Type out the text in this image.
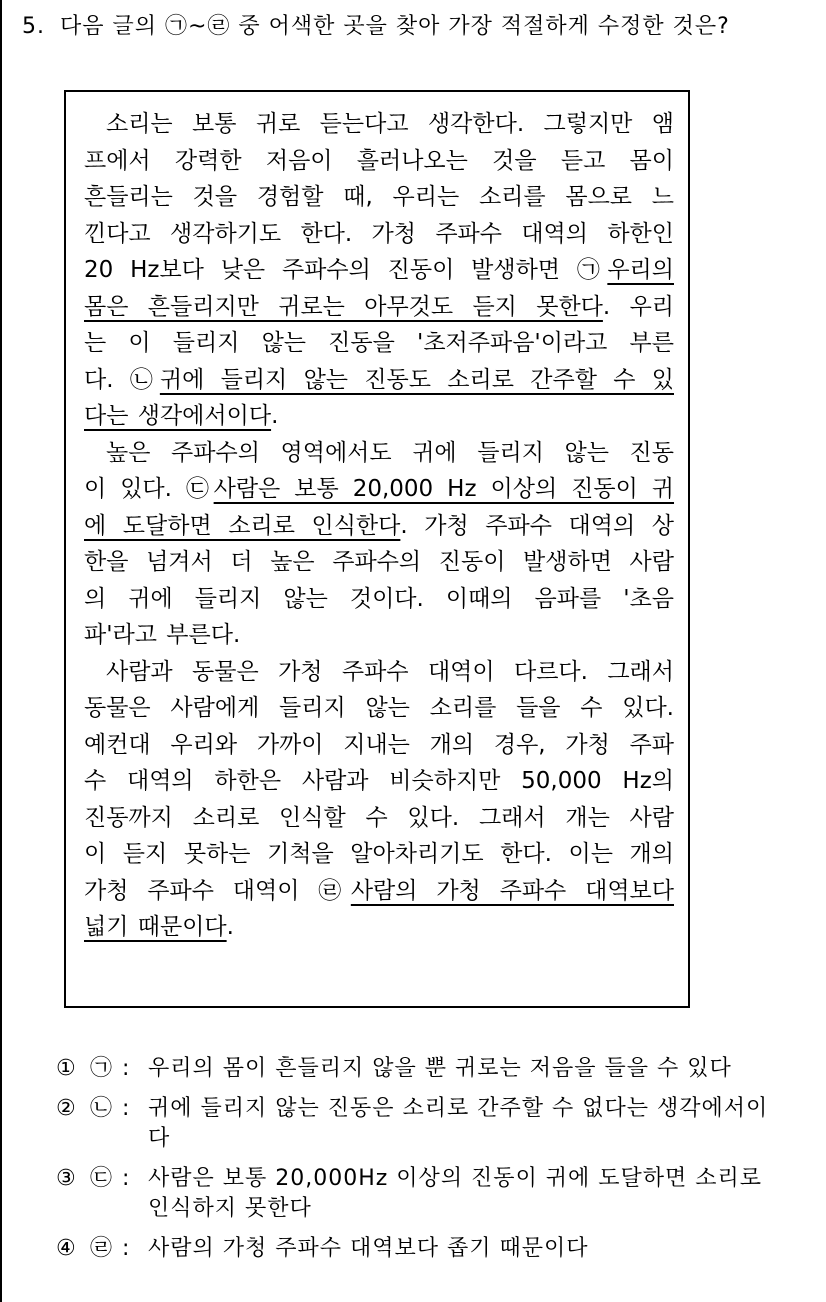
5. 다음 글의 ㉠~㉣ 중 어색한 곳을 찾아 가장 적절하게 수정한 것은?
소리는 보통 귀로 듣는다고 생각한다. 그렇지만 앰
프에서 강력한 저음이 흘러나오는 것을 듣고 몸이
흔들리는 것을 경험할 때, 우리는 소리를 몸으로 느
낀다고 생각하기도 한다. 가청 주파수 대역의 하한인
20 Hz보다 낮은 주파수의 진동이 발생하면 ㉠우리의
몸은 흔들리지만 귀로는 아무것도 듣지 못한다. 우리
는 이 들리지 않는 진동을 '초저주파음'이라고 부른
다. ㉡귀에 들리지 않는 진동도 소리로 간주할 수 있
다는 생각에서이다.
높은 주파수의 영역에서도 귀에 들리지 않는 진동
이 있다. ㉢사람은 보통 20,000 Hz 이상의 진동이 귀
에 도달하면 소리로 인식한다. 가청 주파수 대역의 상
한을 넘겨서 더 높은 주파수의 진동이 발생하면 사람
의 귀에 들리지 않는 것이다. 이때의 음파를 '초음
파'라고 부른다.
사람과 동물은 가청 주파수 대역이 다르다. 그래서
동물은 사람에게 들리지 않는 소리를 들을 수 있다.
예컨대 우리와 가까이 지내는 개의 경우, 가청 주파
수 대역의 하한은 사람과 비슷하지만 50,000 Hz의
진동까지 소리로 인식할 수 있다. 그래서 개는 사람
이 듣지 못하는 기척을 알아차리기도 한다. 이는 개의
가청 주파수 대역이 ㉣사람의 가청 주파수 대역보다
넓기 때문이다.
① ㉠ : 우리의 몸이 흔들리지 않을 뿐 귀로는 저음을 들을 수 있다
② ㉡ : 귀에 들리지 않는 진동은 소리로 간주할 수 없다는 생각에서이다
③ ㉢ : 사람은 보통 20,000Hz 이상의 진동이 귀에 도달하면 소리로 인식하지 못한다
④ ㉣ : 사람의 가청 주파수 대역보다 좁기 때문이다
